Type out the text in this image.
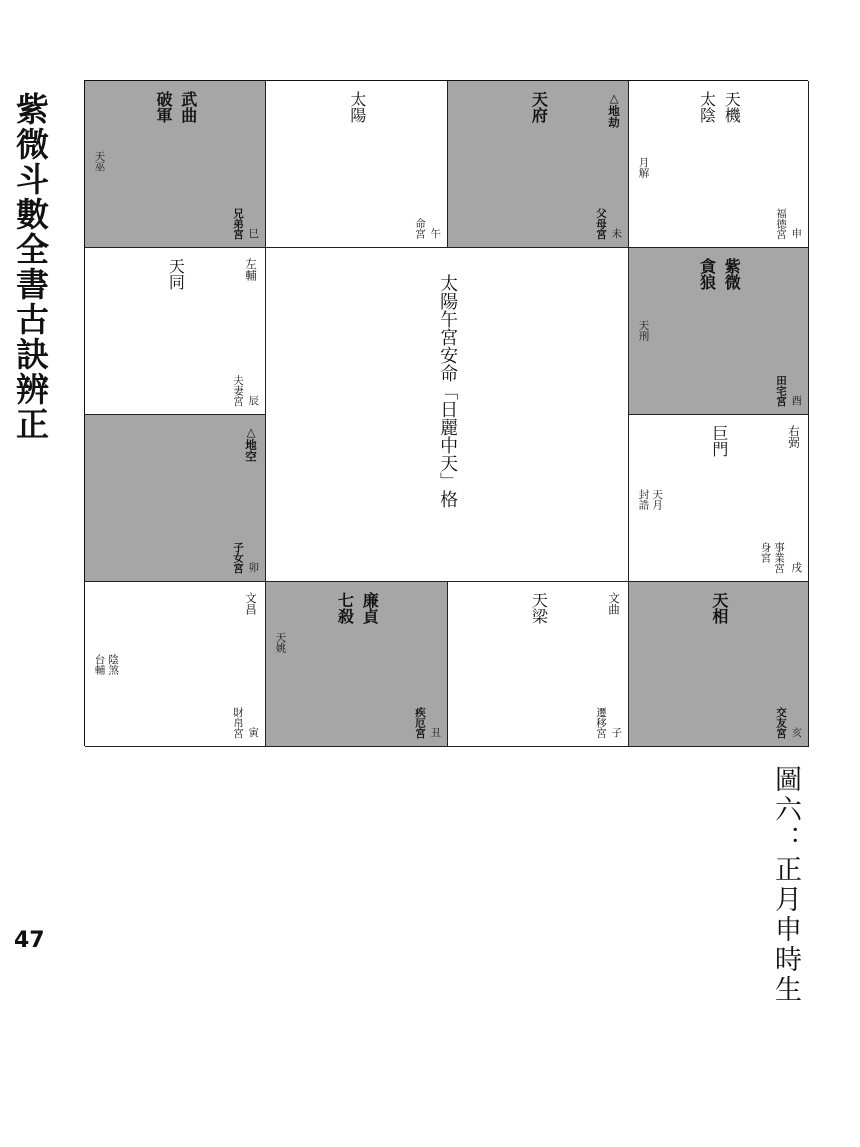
紫微斗數全書古訣辨正
47	圖六：正月申時生
武曲
破軍
天巫
兄弟宮 巳
太陽
命宮 午
天府	△地劫
父母宮 未
天機
太陰
月解
福德宮 申
天同	左輔
夫妻宮 辰	太陽午宮安命「日麗中天」格	紫微
貪狼
天刑
田宅宮 酉
△地空
子女宮 卯
巨門	右弼
天月
封誥
事業宮
身宮
戌
文昌
陰煞
台輔
財帛宮 寅
廉貞
七殺
天姚
疾厄宮 丑
天梁	文曲
遷移宮 子
天相
交友宮 亥
